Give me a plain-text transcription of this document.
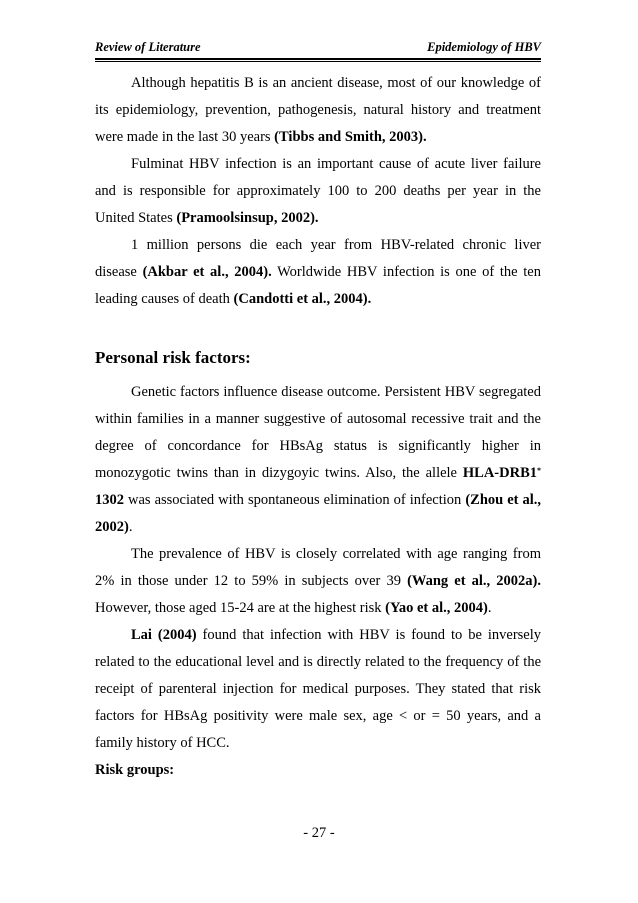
Review of Literature	Epidemiology of HBV

Although hepatitis B is an ancient disease, most of our knowledge of its epidemiology, prevention, pathogenesis, natural history and treatment were made in the last 30 years (Tibbs and Smith, 2003).

Fulminat HBV infection is an important cause of acute liver failure and is responsible for approximately 100 to 200 deaths per year in the United States (Pramoolsinsup, 2002).

1 million persons die each year from HBV-related chronic liver disease (Akbar et al., 2004). Worldwide HBV infection is one of the ten leading causes of death (Candotti et al., 2004).

Personal risk factors:

Genetic factors influence disease outcome. Persistent HBV segregated within families in a manner suggestive of autosomal recessive trait and the degree of concordance for HBsAg status is significantly higher in monozygotic twins than in dizygoyic twins. Also, the allele HLA-DRB1* 1302 was associated with spontaneous elimination of infection (Zhou et al., 2002).

The prevalence of HBV is closely correlated with age ranging from 2% in those under 12 to 59% in subjects over 39 (Wang et al., 2002a). However, those aged 15-24 are at the highest risk (Yao et al., 2004).

Lai (2004) found that infection with HBV is found to be inversely related to the educational level and is directly related to the frequency of the receipt of parenteral injection for medical purposes. They stated that risk factors for HBsAg positivity were male sex, age < or = 50 years, and a family history of HCC.

Risk groups:
- 27 -
